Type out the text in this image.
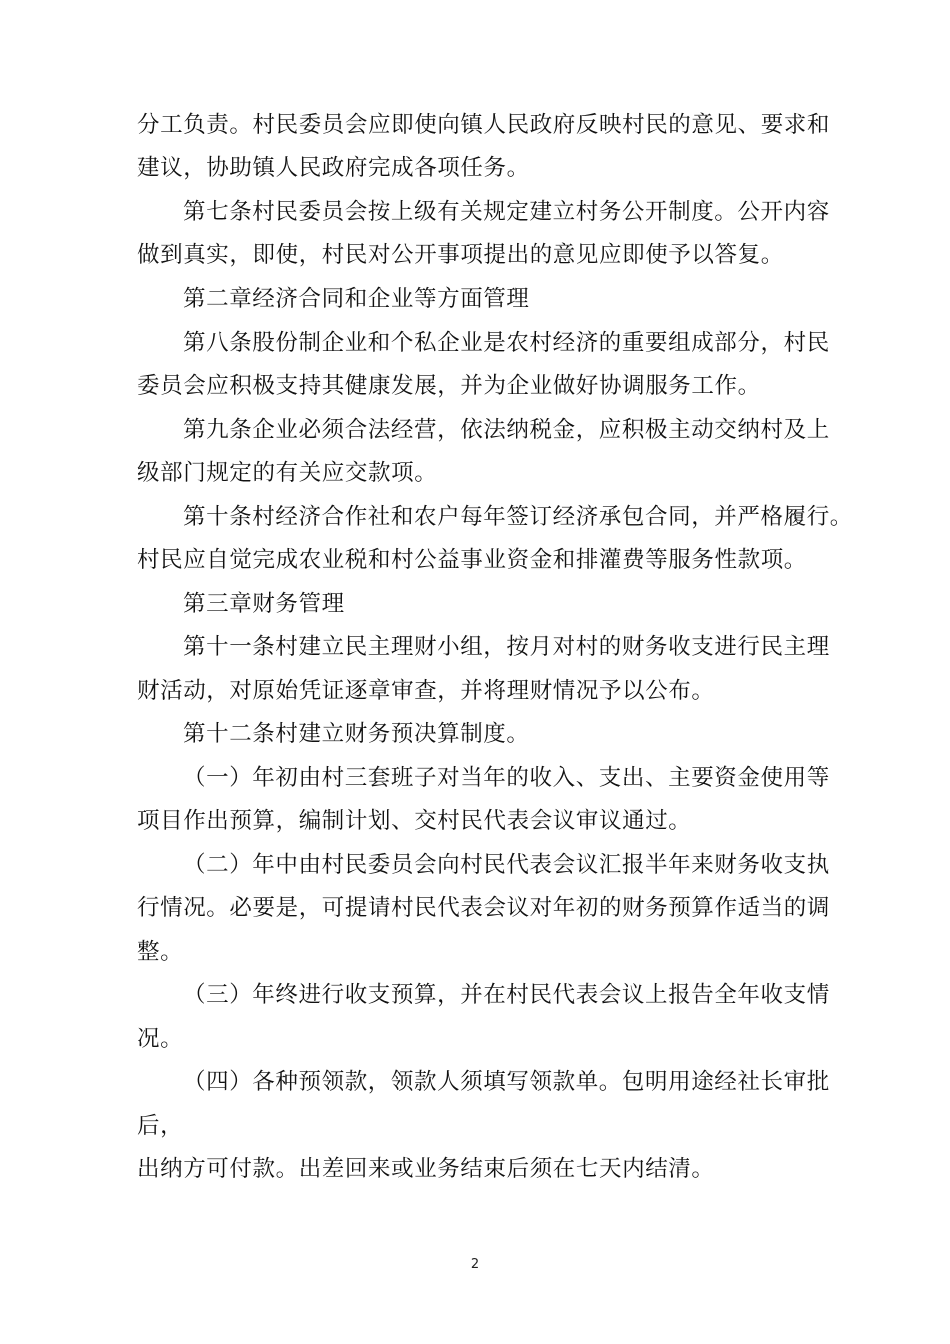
分工负责。村民委员会应即使向镇人民政府反映村民的意见、要求和
建议，协助镇人民政府完成各项任务。
第七条村民委员会按上级有关规定建立村务公开制度。公开内容
做到真实，即使，村民对公开事项提出的意见应即使予以答复。
第二章经济合同和企业等方面管理
第八条股份制企业和个私企业是农村经济的重要组成部分，村民
委员会应积极支持其健康发展，并为企业做好协调服务工作。
第九条企业必须合法经营，依法纳税金，应积极主动交纳村及上
级部门规定的有关应交款项。
第十条村经济合作社和农户每年签订经济承包合同，并严格履行。
村民应自觉完成农业税和村公益事业资金和排灌费等服务性款项。
第三章财务管理
第十一条村建立民主理财小组，按月对村的财务收支进行民主理
财活动，对原始凭证逐章审查，并将理财情况予以公布。
第十二条村建立财务预决算制度。
（一）年初由村三套班子对当年的收入、支出、主要资金使用等
项目作出预算，编制计划、交村民代表会议审议通过。
（二）年中由村民委员会向村民代表会议汇报半年来财务收支执
行情况。必要是，可提请村民代表会议对年初的财务预算作适当的调
整。
（三）年终进行收支预算，并在村民代表会议上报告全年收支情
况。
（四）各种预领款，领款人须填写领款单。包明用途经社长审批
后，
出纳方可付款。出差回来或业务结束后须在七天内结清。
2
